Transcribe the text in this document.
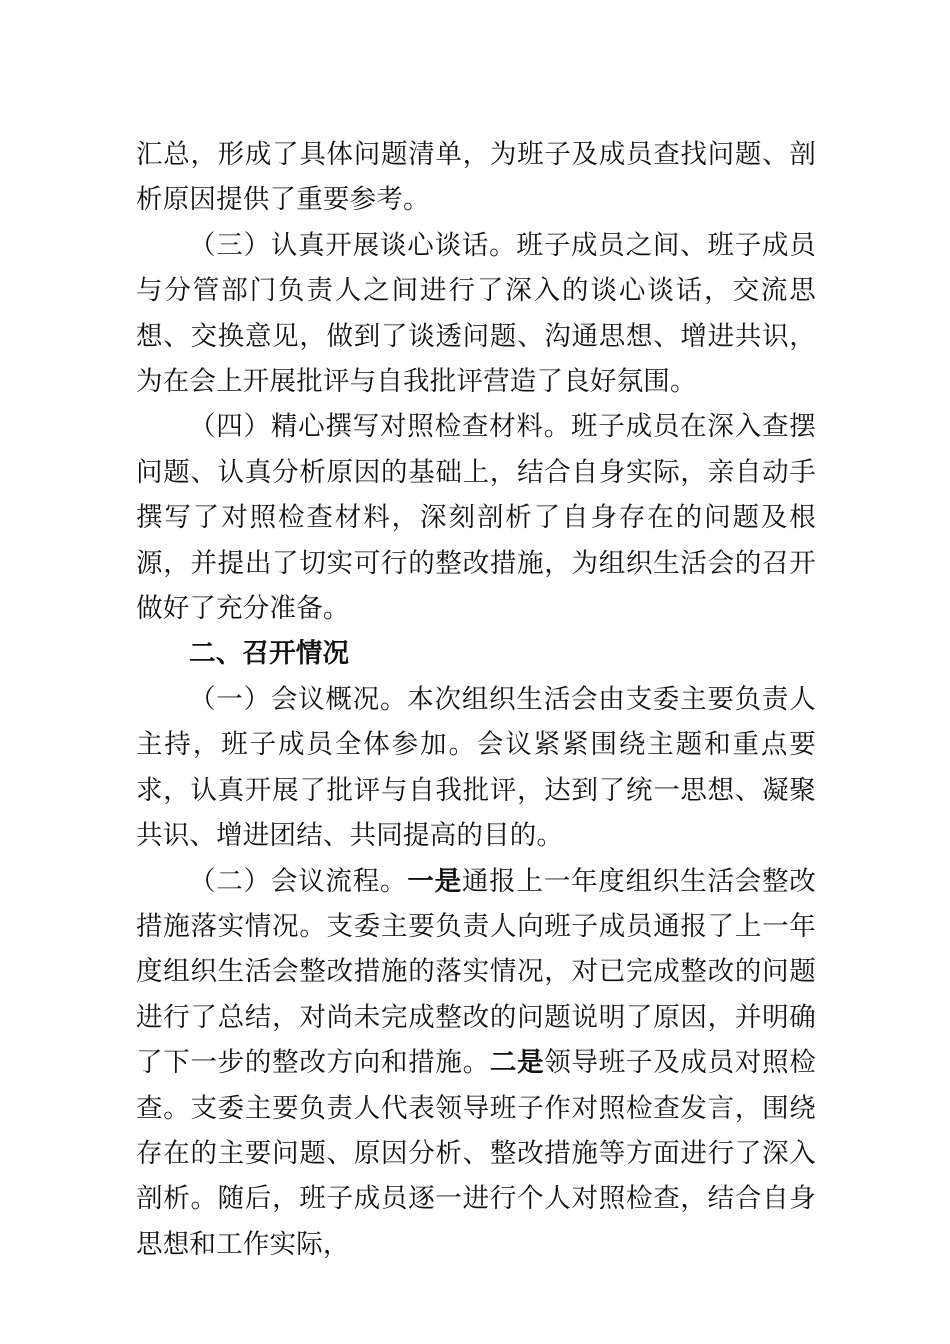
汇总，形成了具体问题清单，为班子及成员查找问题、剖析原因提供了重要参考。

（三）认真开展谈心谈话。班子成员之间、班子成员与分管部门负责人之间进行了深入的谈心谈话，交流思想、交换意见，做到了谈透问题、沟通思想、增进共识，为在会上开展批评与自我批评营造了良好氛围。

（四）精心撰写对照检查材料。班子成员在深入查摆问题、认真分析原因的基础上，结合自身实际，亲自动手撰写了对照检查材料，深刻剖析了自身存在的问题及根源，并提出了切实可行的整改措施，为组织生活会的召开做好了充分准备。

二、召开情况

（一）会议概况。本次组织生活会由支委主要负责人主持，班子成员全体参加。会议紧紧围绕主题和重点要求，认真开展了批评与自我批评，达到了统一思想、凝聚共识、增进团结、共同提高的目的。

（二）会议流程。一是通报上一年度组织生活会整改措施落实情况。支委主要负责人向班子成员通报了上一年度组织生活会整改措施的落实情况，对已完成整改的问题进行了总结，对尚未完成整改的问题说明了原因，并明确了下一步的整改方向和措施。二是领导班子及成员对照检查。支委主要负责人代表领导班子作对照检查发言，围绕存在的主要问题、原因分析、整改措施等方面进行了深入剖析。随后，班子成员逐一进行个人对照检查，结合自身思想和工作实际，
